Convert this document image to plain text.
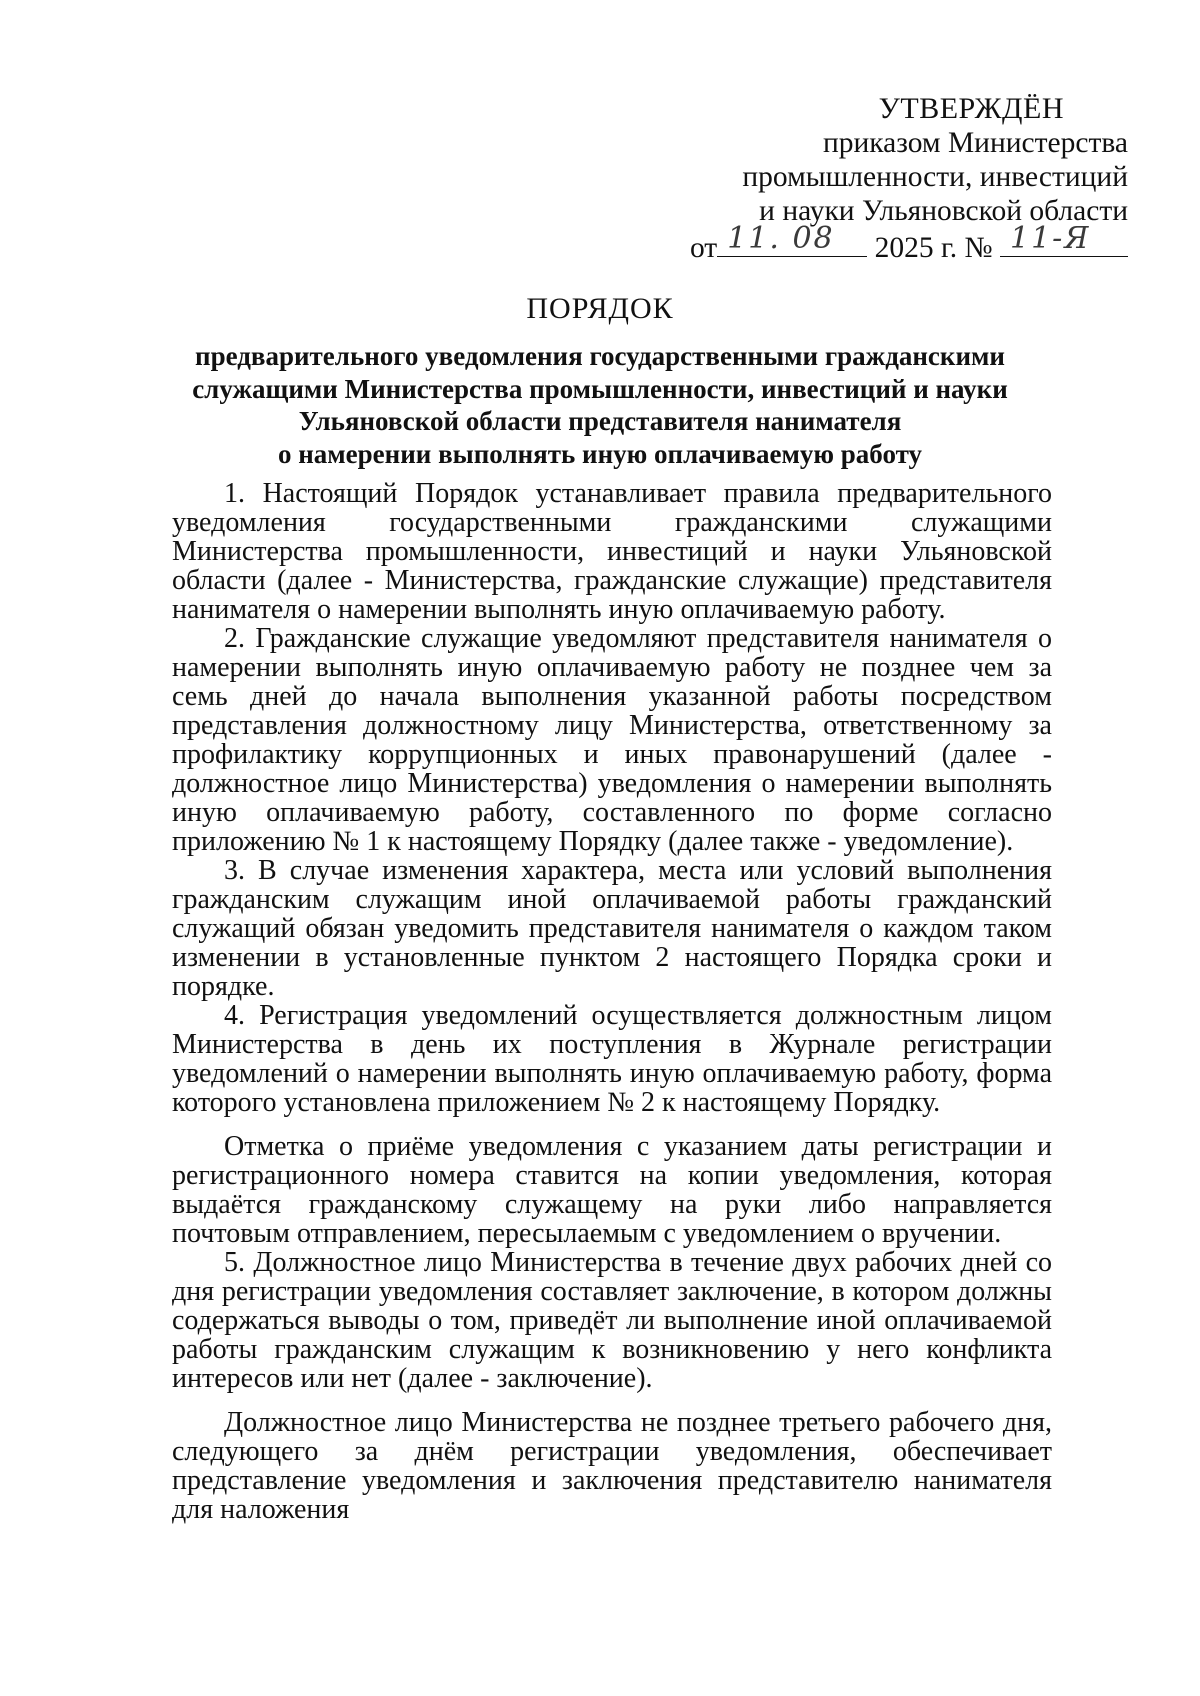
УТВЕРЖДЁН
приказом Министерства
промышленности, инвестиций
и науки Ульяновской области
от 11. 08 2025 г. № 11-Я
ПОРЯДОК
предварительного уведомления государственными гражданскими
служащими Министерства промышленности, инвестиций и науки
Ульяновской области представителя нанимателя
о намерении выполнять иную оплачиваемую работу

1. Настоящий Порядок устанавливает правила предварительного уведомления государственными гражданскими служащими Министерства промышленности, инвестиций и науки Ульяновской области (далее - Министерства, гражданские служащие) представителя нанимателя о намерении выполнять иную оплачиваемую работу.

2. Гражданские служащие уведомляют представителя нанимателя о намерении выполнять иную оплачиваемую работу не позднее чем за семь дней до начала выполнения указанной работы посредством представления должностному лицу Министерства, ответственному за профилактику коррупционных и иных правонарушений (далее - должностное лицо Министерства) уведомления о намерении выполнять иную оплачиваемую работу, составленного по форме согласно приложению № 1 к настоящему Порядку (далее также - уведомление).

3. В случае изменения характера, места или условий выполнения гражданским служащим иной оплачиваемой работы гражданский служащий обязан уведомить представителя нанимателя о каждом таком изменении в установленные пунктом 2 настоящего Порядка сроки и порядке.

4. Регистрация уведомлений осуществляется должностным лицом Министерства в день их поступления в Журнале регистрации уведомлений о намерении выполнять иную оплачиваемую работу, форма которого установлена приложением № 2 к настоящему Порядку.

Отметка о приёме уведомления с указанием даты регистрации и регистрационного номера ставится на копии уведомления, которая выдаётся гражданскому служащему на руки либо направляется почтовым отправлением, пересылаемым с уведомлением о вручении.

5. Должностное лицо Министерства в течение двух рабочих дней со дня регистрации уведомления составляет заключение, в котором должны содержаться выводы о том, приведёт ли выполнение иной оплачиваемой работы гражданским служащим к возникновению у него конфликта интересов или нет (далее - заключение).

Должностное лицо Министерства не позднее третьего рабочего дня, следующего за днём регистрации уведомления, обеспечивает представление уведомления и заключения представителю нанимателя для наложения
